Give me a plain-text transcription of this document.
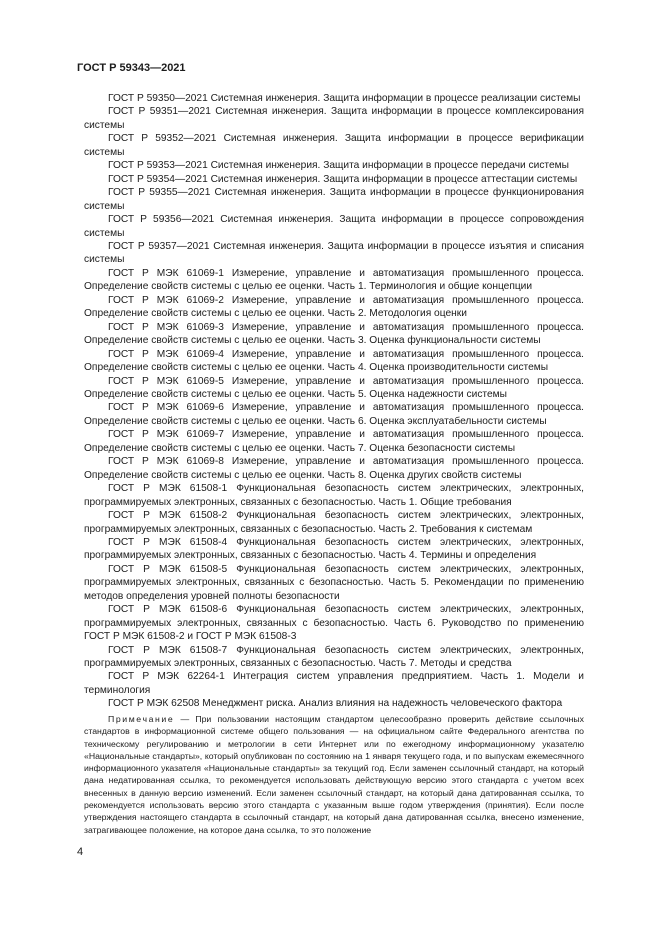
ГОСТ Р 59343—2021

ГОСТ Р 59350—2021 Системная инженерия. Защита информации в процессе реализации системы

ГОСТ Р 59351—2021 Системная инженерия. Защита информации в процессе комплексирования системы

ГОСТ Р 59352—2021 Системная инженерия. Защита информации в процессе верификации системы

ГОСТ Р 59353—2021 Системная инженерия. Защита информации в процессе передачи системы

ГОСТ Р 59354—2021 Системная инженерия. Защита информации в процессе аттестации системы

ГОСТ Р 59355—2021 Системная инженерия. Защита информации в процессе функционирования системы

ГОСТ Р 59356—2021 Системная инженерия. Защита информации в процессе сопровождения системы

ГОСТ Р 59357—2021 Системная инженерия. Защита информации в процессе изъятия и списания системы

ГОСТ Р МЭК 61069-1 Измерение, управление и автоматизация промышленного процесса. Определение свойств системы с целью ее оценки. Часть 1. Терминология и общие концепции

ГОСТ Р МЭК 61069-2 Измерение, управление и автоматизация промышленного процесса. Определение свойств системы с целью ее оценки. Часть 2. Методология оценки

ГОСТ Р МЭК 61069-3 Измерение, управление и автоматизация промышленного процесса. Определение свойств системы с целью ее оценки. Часть 3. Оценка функциональности системы

ГОСТ Р МЭК 61069-4 Измерение, управление и автоматизация промышленного процесса. Определение свойств системы с целью ее оценки. Часть 4. Оценка производительности системы

ГОСТ Р МЭК 61069-5 Измерение, управление и автоматизация промышленного процесса. Определение свойств системы с целью ее оценки. Часть 5. Оценка надежности системы

ГОСТ Р МЭК 61069-6 Измерение, управление и автоматизация промышленного процесса. Определение свойств системы с целью ее оценки. Часть 6. Оценка эксплуатабельности системы

ГОСТ Р МЭК 61069-7 Измерение, управление и автоматизация промышленного процесса. Определение свойств системы с целью ее оценки. Часть 7. Оценка безопасности системы

ГОСТ Р МЭК 61069-8 Измерение, управление и автоматизация промышленного процесса. Определение свойств системы с целью ее оценки. Часть 8. Оценка других свойств системы

ГОСТ Р МЭК 61508-1 Функциональная безопасность систем электрических, электронных, программируемых электронных, связанных с безопасностью. Часть 1. Общие требования

ГОСТ Р МЭК 61508-2 Функциональная безопасность систем электрических, электронных, программируемых электронных, связанных с безопасностью. Часть 2. Требования к системам

ГОСТ Р МЭК 61508-4 Функциональная безопасность систем электрических, электронных, программируемых электронных, связанных с безопасностью. Часть 4. Термины и определения

ГОСТ Р МЭК 61508-5 Функциональная безопасность систем электрических, электронных, программируемых электронных, связанных с безопасностью. Часть 5. Рекомендации по применению методов определения уровней полноты безопасности

ГОСТ Р МЭК 61508-6 Функциональная безопасность систем электрических, электронных, программируемых электронных, связанных с безопасностью. Часть 6. Руководство по применению ГОСТ Р МЭК 61508-2 и ГОСТ Р МЭК 61508-3

ГОСТ Р МЭК 61508-7 Функциональная безопасность систем электрических, электронных, программируемых электронных, связанных с безопасностью. Часть 7. Методы и средства

ГОСТ Р МЭК 62264-1 Интеграция систем управления предприятием. Часть 1. Модели и терминология

ГОСТ Р МЭК 62508 Менеджмент риска. Анализ влияния на надежность человеческого фактора

Примечание — При пользовании настоящим стандартом целесообразно проверить действие ссылочных стандартов в информационной системе общего пользования — на официальном сайте Федерального агентства по техническому регулированию и метрологии в сети Интернет или по ежегодному информационному указателю «Национальные стандарты», который опубликован по состоянию на 1 января текущего года, и по выпускам ежемесячного информационного указателя «Национальные стандарты» за текущий год. Если заменен ссылочный стандарт, на который дана недатированная ссылка, то рекомендуется использовать действующую версию этого стандарта с учетом всех внесенных в данную версию изменений. Если заменен ссылочный стандарт, на который дана датированная ссылка, то рекомендуется использовать версию этого стандарта с указанным выше годом утверждения (принятия). Если после утверждения настоящего стандарта в ссылочный стандарт, на который дана датированная ссылка, внесено изменение, затрагивающее положение, на которое дана ссылка, то это положение

4
